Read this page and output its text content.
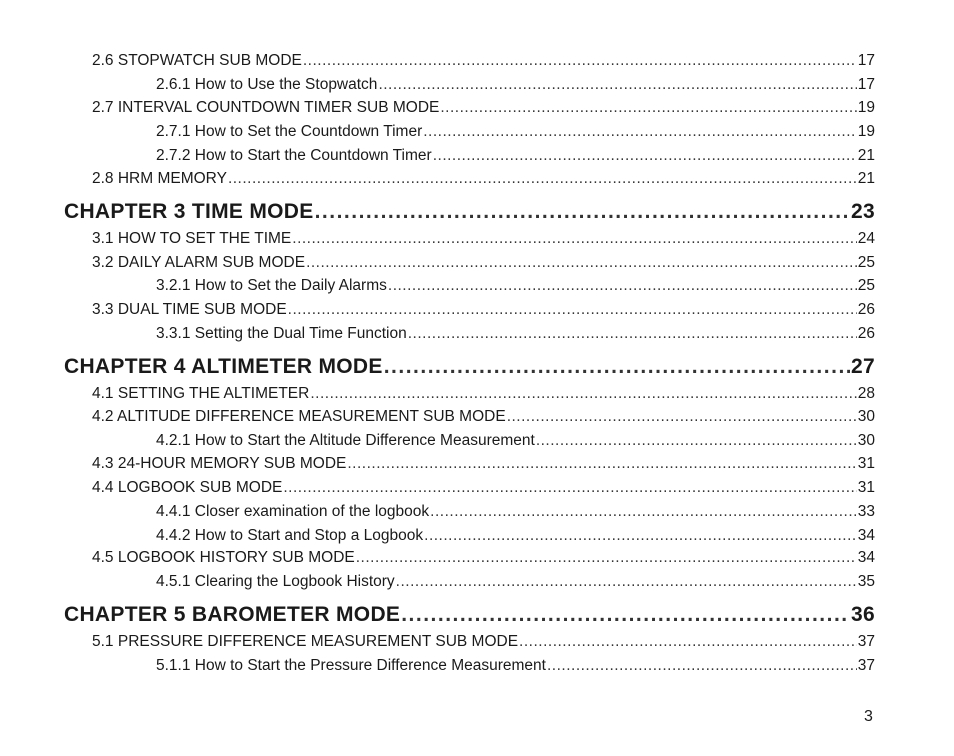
2.6 STOPWATCH SUB MODE .....	17
2.6.1 How to Use the Stopwatch .....	17
2.7 INTERVAL COUNTDOWN TIMER SUB MODE .....	19
2.7.1 How to Set the Countdown Timer .....	19
2.7.2 How to Start the Countdown Timer .....	21
2.8 HRM MEMORY .....	21
CHAPTER 3 TIME MODE .....	23
3.1 HOW TO SET THE TIME .....	24
3.2 DAILY ALARM SUB MODE .....	25
3.2.1 How to Set the Daily Alarms .....	25
3.3 DUAL TIME SUB MODE .....	26
3.3.1 Setting the Dual Time Function .....	26
CHAPTER 4 ALTIMETER MODE .....	27
4.1 SETTING THE ALTIMETER .....	28
4.2 ALTITUDE DIFFERENCE MEASUREMENT SUB MODE .....	30
4.2.1 How to Start the Altitude Difference Measurement .....	30
4.3 24-HOUR MEMORY SUB MODE .....	31
4.4 LOGBOOK SUB MODE .....	31
4.4.1 Closer examination of the logbook .....	33
4.4.2 How to Start and Stop a Logbook .....	34
4.5 LOGBOOK HISTORY SUB MODE .....	34
4.5.1 Clearing the Logbook History .....	35
CHAPTER 5 BAROMETER MODE .....	36
5.1 PRESSURE DIFFERENCE MEASUREMENT SUB MODE .....	37
5.1.1 How to Start the Pressure Difference Measurement .....	37
3
